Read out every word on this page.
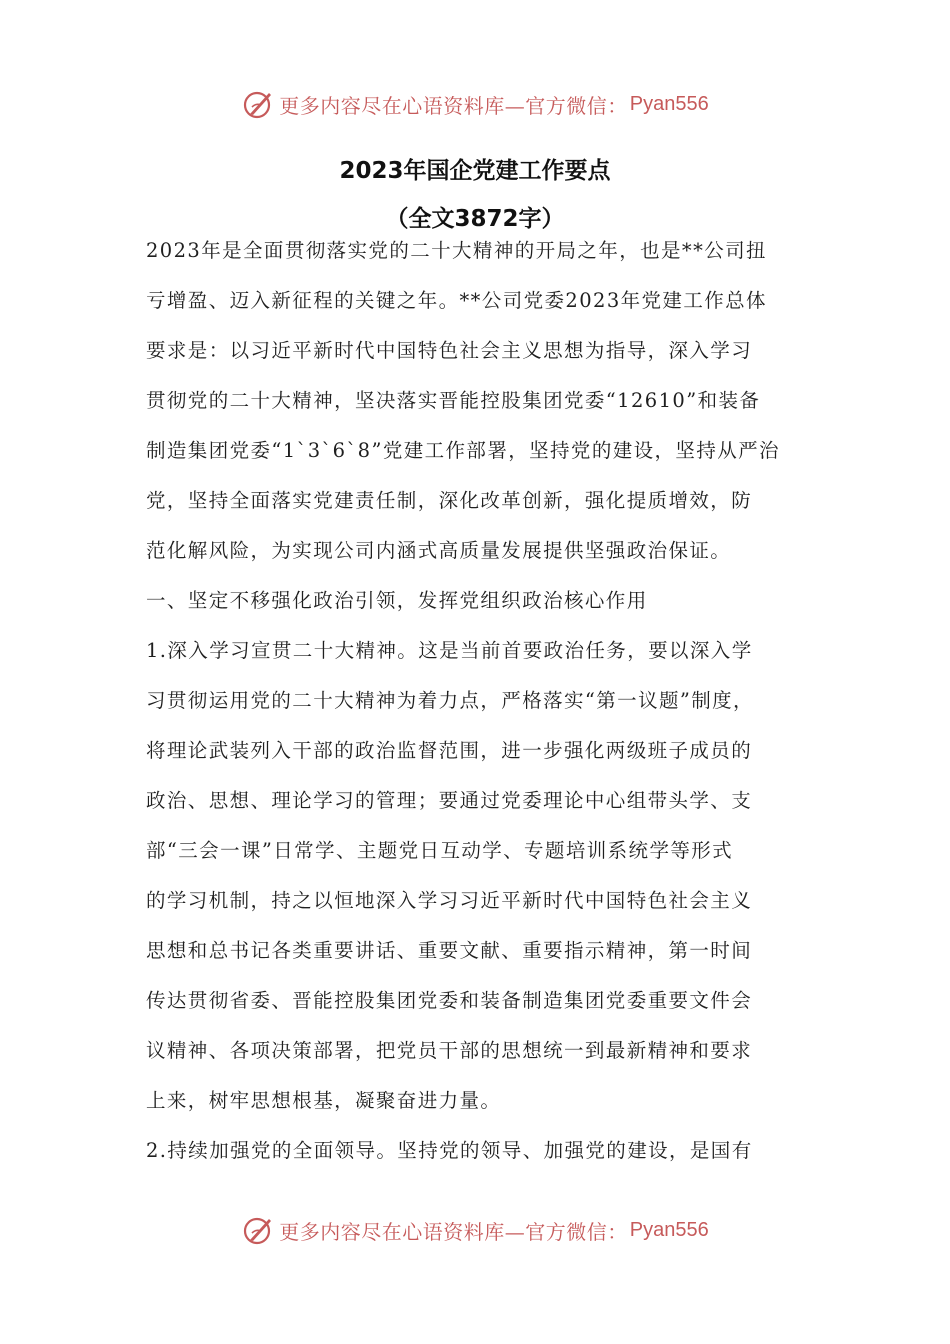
更多内容尽在心语资料库—官方微信： Pyan556
2023年国企党建工作要点
（全文3872字）
2023年是全面贯彻落实党的二十大精神的开局之年，也是**公司扭
亏增盈、迈入新征程的关键之年。**公司党委2023年党建工作总体
要求是：以习近平新时代中国特色社会主义思想为指导，深入学习
贯彻党的二十大精神，坚决落实晋能控股集团党委“12610”和装备
制造集团党委“1`3`6`8”党建工作部署，坚持党的建设，坚持从严治
党，坚持全面落实党建责任制，深化改革创新，强化提质增效，防
范化解风险，为实现公司内涵式高质量发展提供坚强政治保证。
一、坚定不移强化政治引领，发挥党组织政治核心作用
1.深入学习宣贯二十大精神。这是当前首要政治任务，要以深入学
习贯彻运用党的二十大精神为着力点，严格落实“第一议题”制度，
将理论武装列入干部的政治监督范围，进一步强化两级班子成员的
政治、思想、理论学习的管理；要通过党委理论中心组带头学、支
部“三会一课”日常学、主题党日互动学、专题培训系统学等形式
的学习机制，持之以恒地深入学习习近平新时代中国特色社会主义
思想和总书记各类重要讲话、重要文献、重要指示精神，第一时间
传达贯彻省委、晋能控股集团党委和装备制造集团党委重要文件会
议精神、各项决策部署，把党员干部的思想统一到最新精神和要求
上来，树牢思想根基，凝聚奋进力量。
2.持续加强党的全面领导。坚持党的领导、加强党的建设，是国有
更多内容尽在心语资料库—官方微信： Pyan556
